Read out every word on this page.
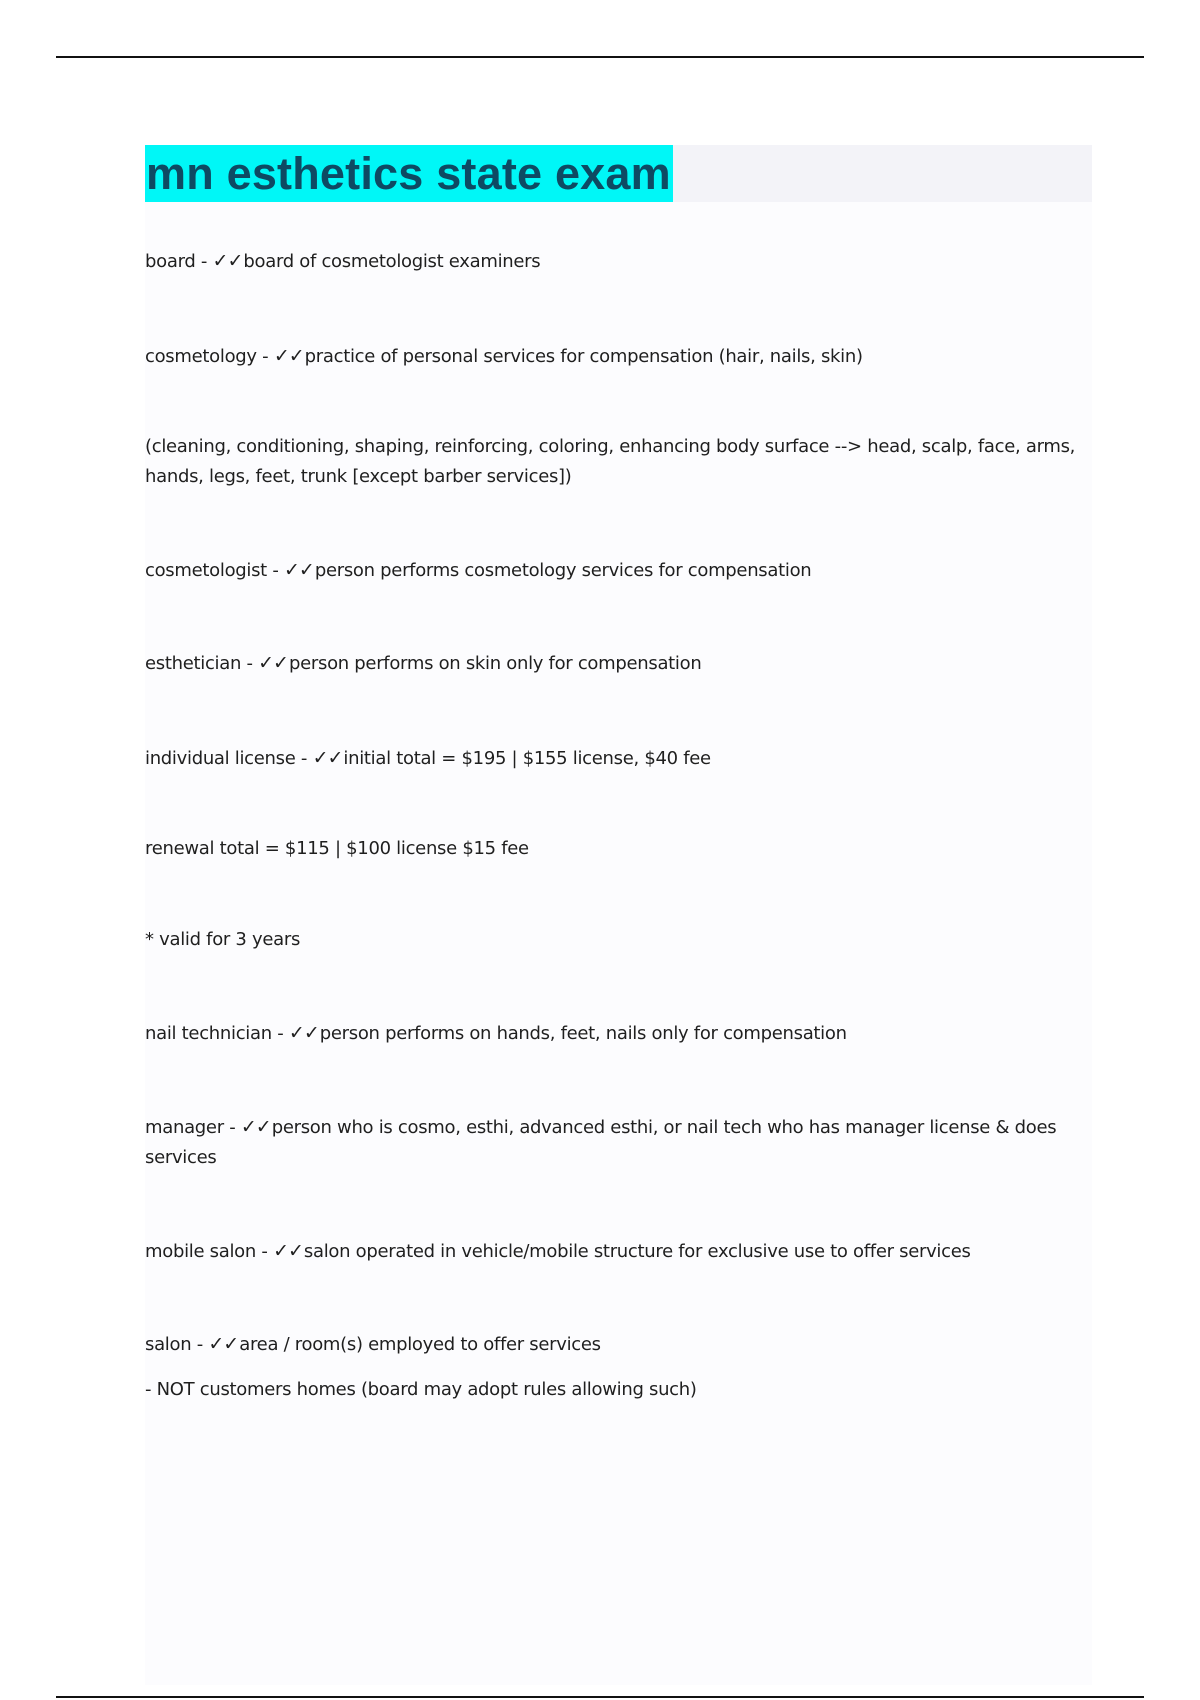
mn esthetics state exam
board - ✓✓board of cosmetologist examiners
cosmetology - ✓✓practice of personal services for compensation (hair, nails, skin)
(cleaning, conditioning, shaping, reinforcing, coloring, enhancing body surface --> head, scalp, face, arms, hands, legs, feet, trunk [except barber services])
cosmetologist - ✓✓person performs cosmetology services for compensation
esthetician - ✓✓person performs on skin only for compensation
individual license - ✓✓initial total = $195 | $155 license, $40 fee
renewal total = $115 | $100 license $15 fee
* valid for 3 years
nail technician - ✓✓person performs on hands, feet, nails only for compensation
manager - ✓✓person who is cosmo, esthi, advanced esthi, or nail tech who has manager license & does services
mobile salon - ✓✓salon operated in vehicle/mobile structure for exclusive use to offer services
salon - ✓✓area / room(s) employed to offer services
- NOT customers homes (board may adopt rules allowing such)
